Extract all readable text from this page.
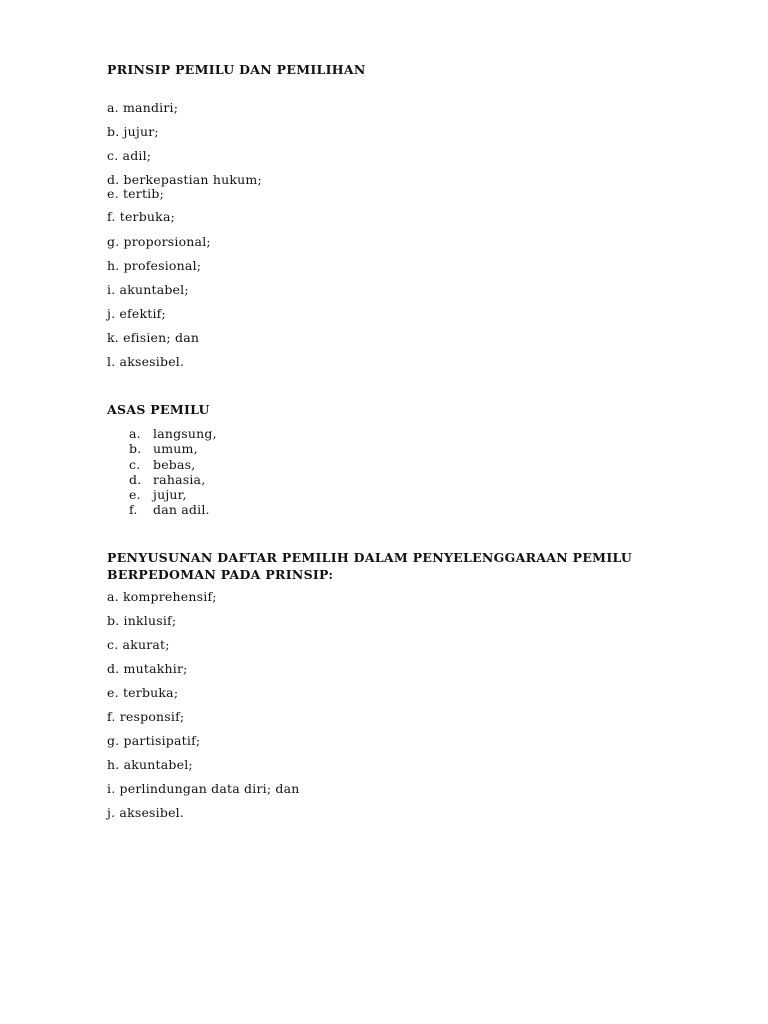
PRINSIP PEMILU DAN PEMILIHAN
a. mandiri;
b. jujur;
c. adil;
d. berkepastian hukum;
e. tertib;
f. terbuka;
g. proporsional;
h. profesional;
i. akuntabel;
j. efektif;
k. efisien; dan
l. aksesibel.
ASAS PEMILU
a. langsung,
b. umum,
c. bebas,
d. rahasia,
e. jujur,
f. dan adil.
PENYUSUNAN DAFTAR PEMILIH DALAM PENYELENGGARAAN PEMILU
BERPEDOMAN PADA PRINSIP:
a. komprehensif;
b. inklusif;
c. akurat;
d. mutakhir;
e. terbuka;
f. responsif;
g. partisipatif;
h. akuntabel;
i. perlindungan data diri; dan
j. aksesibel.
